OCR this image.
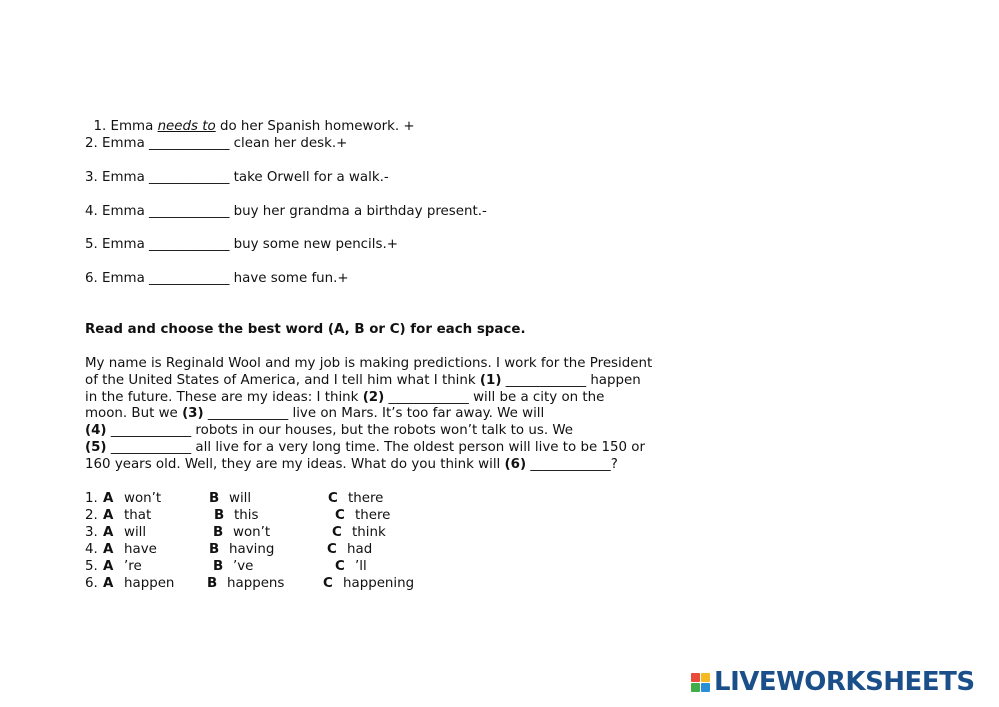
1. Emma needs to do her Spanish homework. +

2. Emma ____________ clean her desk.+
3. Emma ____________ take Orwell for a walk.-
4. Emma ____________ buy her grandma a birthday present.-
5. Emma ____________ buy some new pencils.+
6. Emma ____________ have some fun.+
Read and choose the best word (A, B or C) for each space.
My name is Reginald Wool and my job is making predictions. I work for the President
of the United States of America, and I tell him what I think (1) ____________ happen
in the future. These are my ideas: I think (2) ____________ will be a city on the
moon. But we (3) ____________ live on Mars. It’s too far away. We will
(4) ____________ robots in our houses, but the robots won’t talk to us. We
(5) ____________ all live for a very long time. The oldest person will live to be 150 or
160 years old. Well, they are my ideas. What do you think will (6) ____________?
1. A won’t	B will	C there
2. A that	B this	C there
3. A will	B won’t	C think
4. A have	B having	C had
5. A ’re	B ’ve	C ’ll
6. A happen B happens	C happening
LIVEWORKSHEETS
